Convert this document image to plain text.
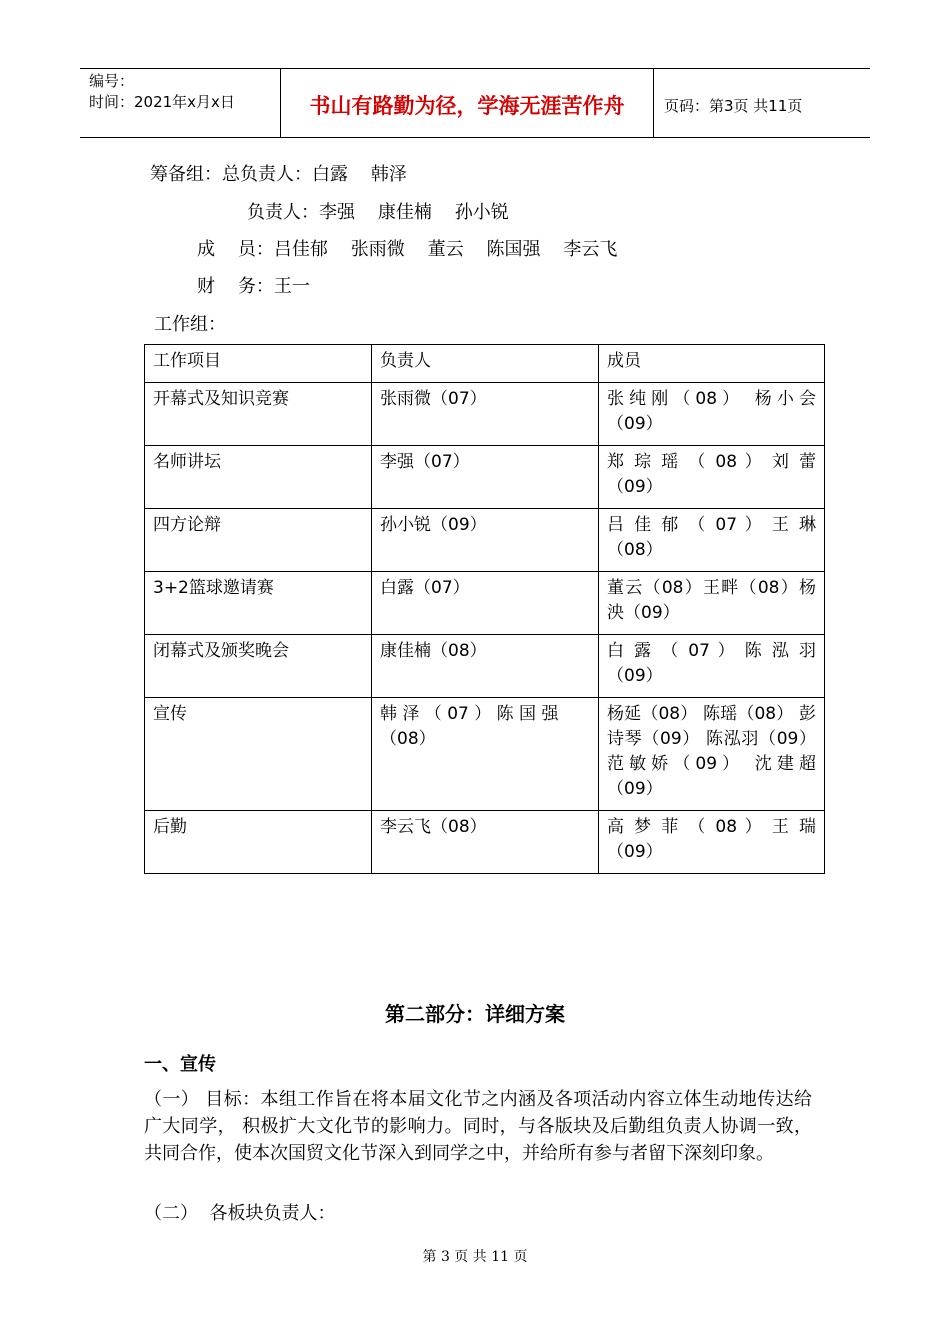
编号：
时间：2021年x月x日	书山有路勤为径，学海无涯苦作舟	页码：第3页 共11页
筹备组：总负责人：白露    韩泽
负责人：李强    康佳楠    孙小锐
成    员：吕佳郁    张雨微    董云    陈国强    李云飞
财    务：王一
工作组：
工作项目	负责人	成员
开幕式及知识竞赛	张雨微（07）	张纯刚（08） 杨小会（09）
名师讲坛	李强（07）	郑 琮 瑶 （ 08 ） 刘 蕾（09）
四方论辩	孙小锐（09）	吕 佳 郁 （ 07 ） 王 琳（08）
3+2篮球邀请赛	白露（07）	董云（08）王畔（08）杨泱（09）
闭幕式及颁奖晚会	康佳楠（08）	白 露 （ 07 ） 陈 泓 羽（09）
宣传	韩 泽 （ 07 ） 陈 国 强（08）	杨延（08） 陈瑶（08） 彭诗琴（09） 陈泓羽（09） 范敏娇（09） 沈建超（09）
后勤	李云飞（08）	高 梦 菲 （ 08 ） 王 瑞（09）
第二部分：详细方案
一、宣传
（一） 目标：本组工作旨在将本届文化节之内涵及各项活动内容立体生动地传达给广大同学， 积极扩大文化节的影响力。同时，与各版块及后勤组负责人协调一致，共同合作，使本次国贸文化节深入到同学之中，并给所有参与者留下深刻印象。
（二）  各板块负责人：
第 3 页 共 11 页
